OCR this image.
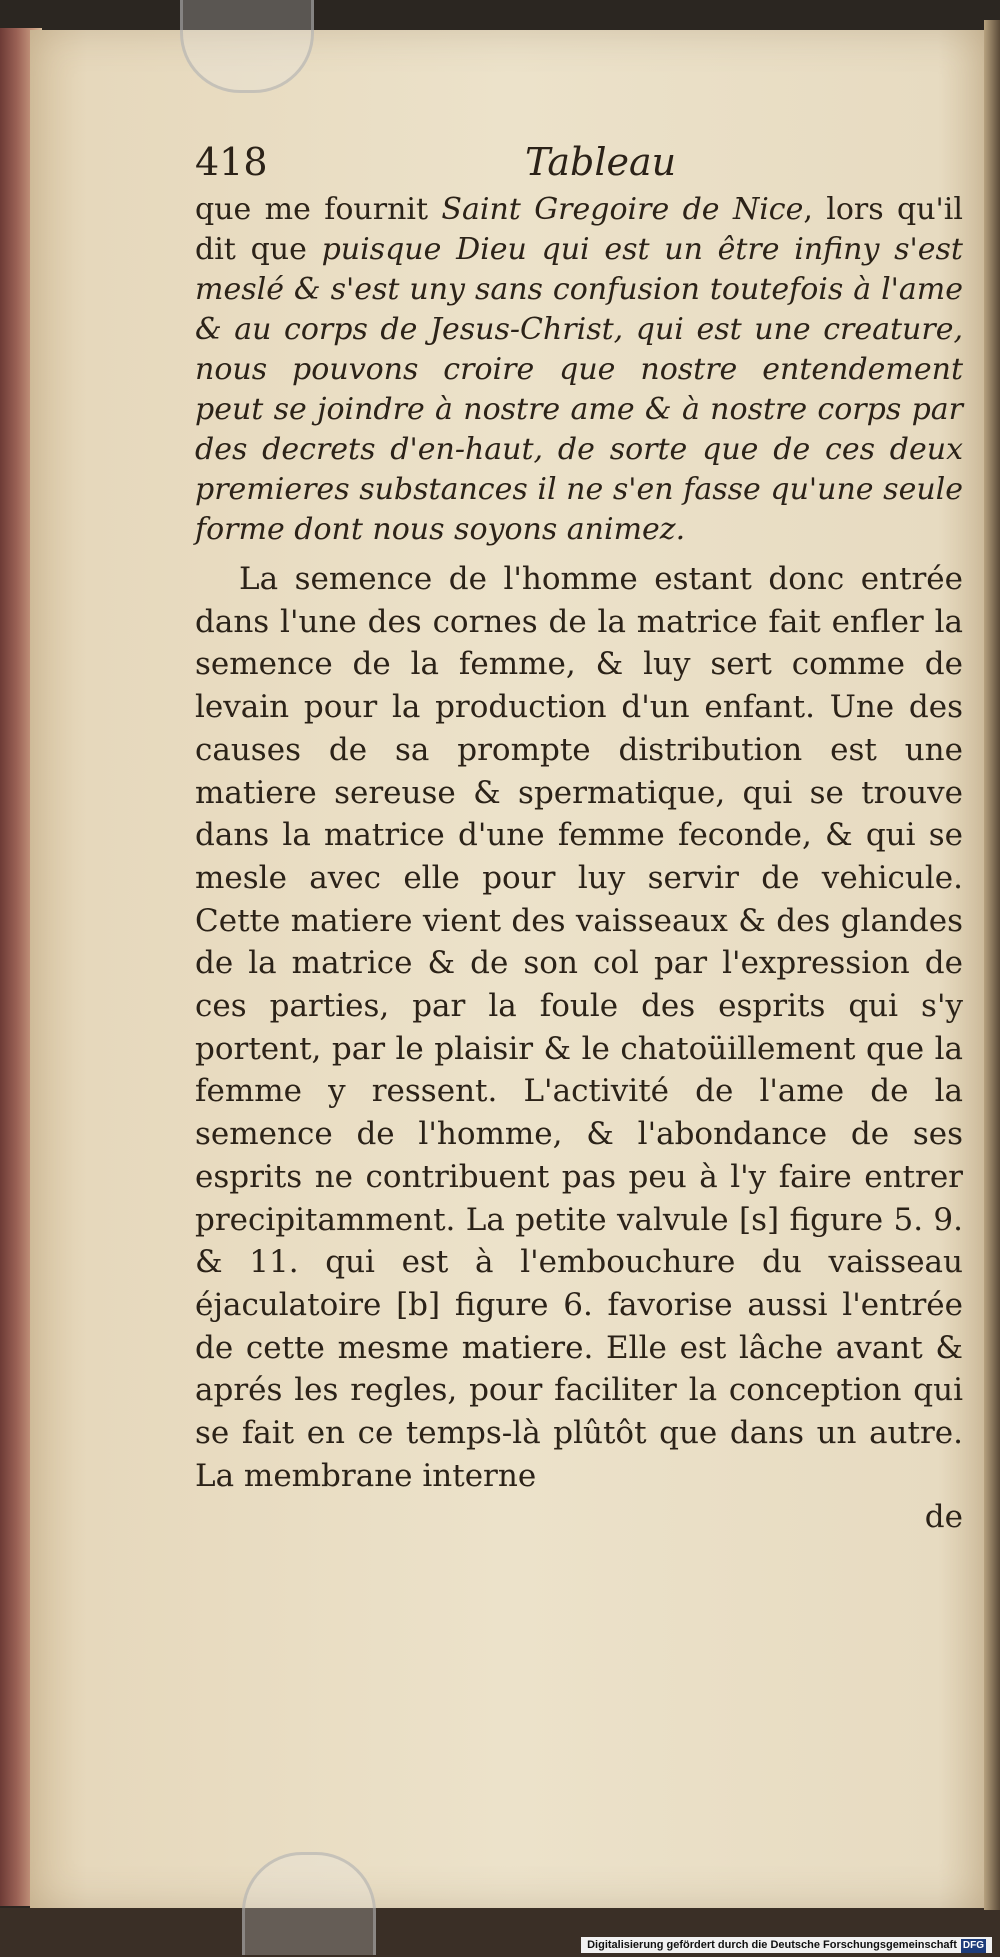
418	Tableau

que me fournit Saint Gregoire de Nice, lors qu'il dit que puisque Dieu qui est un être infiny s'est meslé & s'est uny sans confusion toutefois à l'ame & au corps de Jesus-Christ, qui est une creature, nous pouvons croire que nostre entendement peut se joindre à nostre ame & à nostre corps par des decrets d'en-haut, de sorte que de ces deux premieres substances il ne s'en fasse qu'une seule forme dont nous soyons animez.

La semence de l'homme estant donc entrée dans l'une des cornes de la matrice fait enfler la semence de la femme, & luy sert comme de levain pour la production d'un enfant. Une des causes de sa prompte distribution est une matiere sereuse & spermatique, qui se trouve dans la matrice d'une femme feconde, & qui se mesle avec elle pour luy servir de vehicule. Cette matiere vient des vaisseaux & des glandes de la matrice & de son col par l'expression de ces parties, par la foule des esprits qui s'y portent, par le plaisir & le chatoüillement que la femme y ressent. L'activité de l'ame de la semence de l'homme, & l'abondance de ses esprits ne contribuent pas peu à l'y faire entrer precipitamment. La petite valvule [s] figure 5. 9. & 11. qui est à l'embouchure du vaisseau éjaculatoire [b] figure 6. favorise aussi l'entrée de cette mesme matiere. Elle est lâche avant & aprés les regles, pour faciliter la conception qui se fait en ce temps-là plûtôt que dans un autre. La membrane interne

de
Digitalisierung gefördert durch die Deutsche Forschungsgemeinschaft DFG
